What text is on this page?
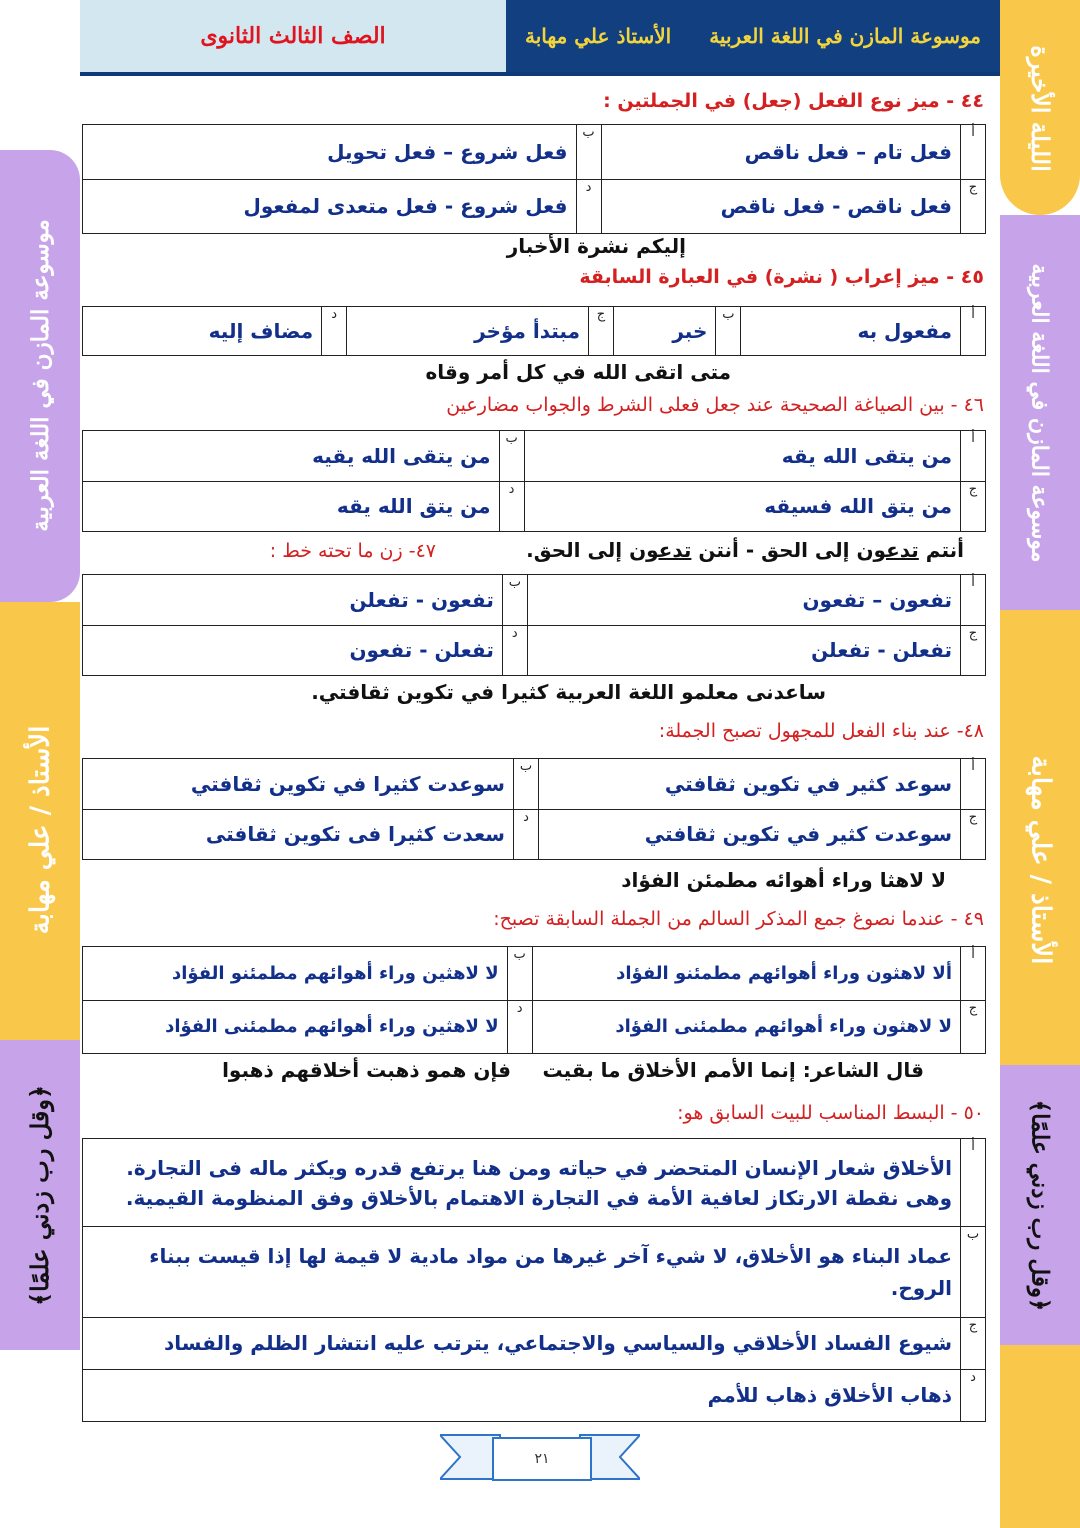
الصف الثالث الثانوى	الأستاذ علي مهابة موسوعة المازن في اللغة العربية
موسوعة المازن في اللغة العربية
الأستاذ / علي مهابة
﴿وقل رب زدني علمًا﴾
الليلة الأخيرة
موسوعة المازن في اللغة العربية
الأستاذ / علي مهابة
﴿وقل رب زدني علمًا﴾
٤٤ - ميز نوع الفعل (جعل) في الجملتين :
أ	فعل تام – فعل ناقص	ب	فعل شروع – فعل تحويل
ج	فعل ناقص - فعل ناقص	د	فعل شروع - فعل متعدى لمفعول
إليكم نشرة الأخبار
٤٥ - ميز إعراب ( نشرة) في العبارة السابقة
أ	مفعول به	ب	خبر	ج	مبتدأ مؤخر	د	مضاف إليه
متى اتقى الله في كل أمر وقاه
٤٦ - بين الصياغة الصحيحة عند جعل فعلى الشرط والجواب مضارعين
أ	من يتقى الله يقه	ب	من يتقى الله يقيه
ج	من يتق الله فسيقه	د	من يتق الله يقه
أنتم تدعون إلى الحق - أنتن تدعون إلى الحق.
٤٧- زن ما تحته خط :
أ	تفعون – تفعون	ب	تفعون - تفعلن
ج	تفعلن - تفعلن	د	تفعلن - تفعون
ساعدنى معلمو اللغة العربية كثيرا في تكوين ثقافتي.
٤٨- عند بناء الفعل للمجهول تصبح الجملة:
أ	سوعد كثير في تكوين ثقافتي	ب	سوعدت كثيرا في تكوين ثقافتي
ج	سوعدت كثير في تكوين ثقافتي	د	سعدت كثيرا فى تكوين ثقافتى
لا لاهثا وراء أهوائه مطمئن الفؤاد
٤٩ - عندما نصوغ جمع المذكر السالم من الجملة السابقة تصبح:
أ	ألا لاهثون وراء أهوائهم مطمئنو الفؤاد	ب	لا لاهثين وراء أهوائهم مطمئنو الفؤاد
ج	لا لاهثون وراء أهوائهم مطمئنى الفؤاد	د	لا لاهثين وراء أهوائهم مطمئنى الفؤاد
قال الشاعر: إنما الأمم الأخلاق ما بقيت
فإن همو ذهبت أخلاقهم ذهبوا
٥٠ - البسط المناسب للبيت السابق هو:
أ	الأخلاق شعار الإنسان المتحضر في حياته ومن هنا يرتفع قدره ويكثر ماله فى التجارة. وهى نقطة الارتكاز لعافية الأمة في التجارة الاهتمام بالأخلاق وفق المنظومة القيمية.
ب	عماد البناء هو الأخلاق، لا شيء آخر غيرها من مواد مادية لا قيمة لها إذا قيست ببناء الروح.
ج	شيوع الفساد الأخلاقي والسياسي والاجتماعي، يترتب عليه انتشار الظلم والفساد
د	ذهاب الأخلاق ذهاب للأمم
٢١
